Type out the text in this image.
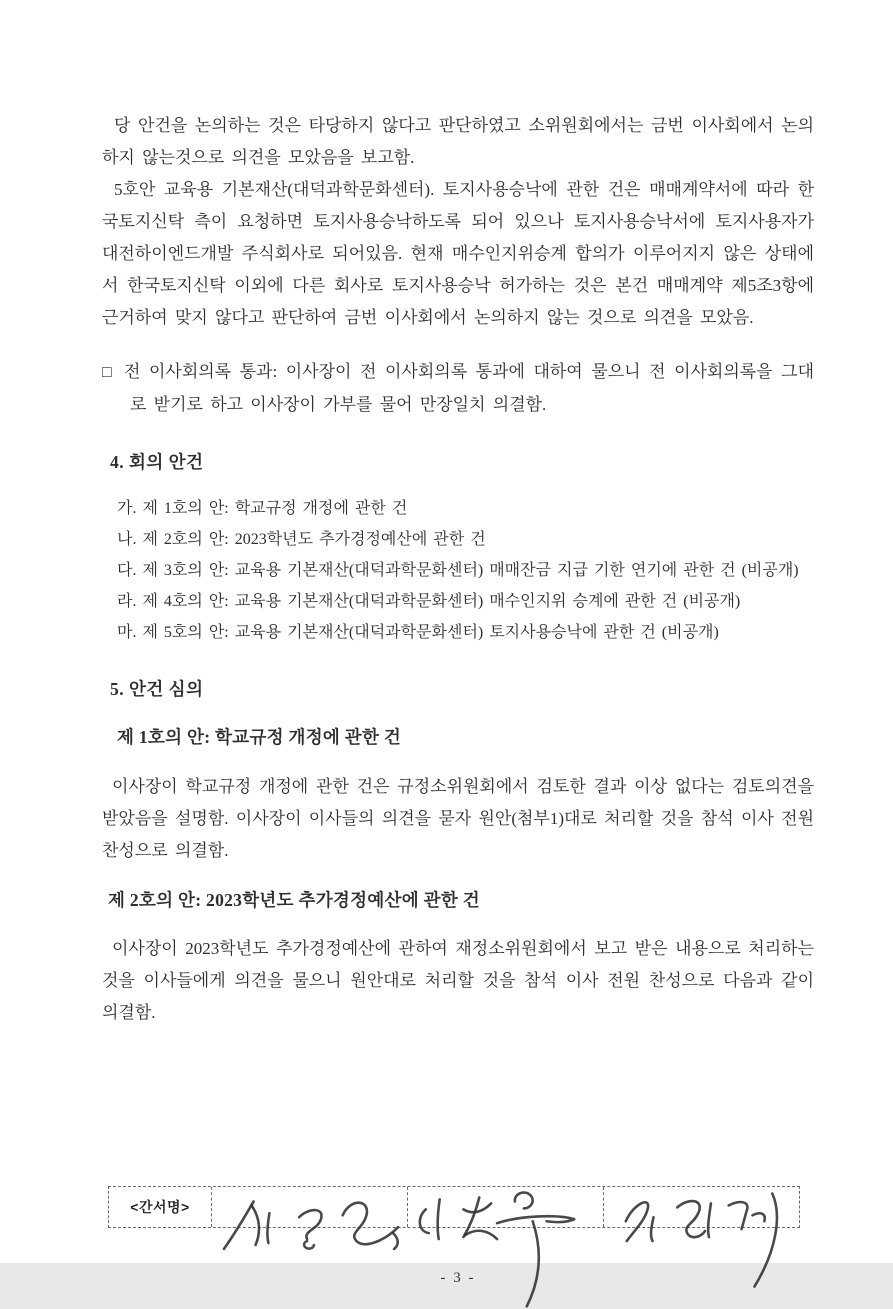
당 안건을 논의하는 것은 타당하지 않다고 판단하였고 소위원회에서는 금번 이사회에서 논의하지 않는것으로 의견을 모았음을 보고함.

5호안 교육용 기본재산(대덕과학문화센터). 토지사용승낙에 관한 건은 매매계약서에 따라 한국토지신탁 측이 요청하면 토지사용승낙하도록 되어 있으나 토지사용승낙서에 토지사용자가 대전하이엔드개발 주식회사로 되어있음. 현재 매수인지위승계 합의가 이루어지지 않은 상태에서 한국토지신탁 이외에 다른 회사로 토지사용승낙 허가하는 것은 본건 매매계약 제5조3항에 근거하여 맞지 않다고 판단하여 금번 이사회에서 논의하지 않는 것으로 의견을 모았음.

□ 전 이사회의록 통과: 이사장이 전 이사회의록 통과에 대하여 물으니 전 이사회의록을 그대로 받기로 하고 이사장이 가부를 물어 만장일치 의결함.

4. 회의 안건
가. 제 1호의 안: 학교규정 개정에 관한 건
나. 제 2호의 안: 2023학년도 추가경정예산에 관한 건
다. 제 3호의 안: 교육용 기본재산(대덕과학문화센터) 매매잔금 지급 기한 연기에 관한 건 (비공개)
라. 제 4호의 안: 교육용 기본재산(대덕과학문화센터) 매수인지위 승계에 관한 건 (비공개)
마. 제 5호의 안: 교육용 기본재산(대덕과학문화센터) 토지사용승낙에 관한 건 (비공개)
5. 안건 심의
제 1호의 안: 학교규정 개정에 관한 건

이사장이 학교규정 개정에 관한 건은 규정소위원회에서 검토한 결과 이상 없다는 검토의견을 받았음을 설명함. 이사장이 이사들의 의견을 묻자 원안(첨부1)대로 처리할 것을 참석 이사 전원 찬성으로 의결함.

제 2호의 안: 2023학년도 추가경정예산에 관한 건

이사장이 2023학년도 추가경정예산에 관하여 재정소위원회에서 보고 받은 내용으로 처리하는 것을 이사들에게 의견을 물으니 원안대로 처리할 것을 참석 이사 전원 찬성으로 다음과 같이 의결함.

<간서명>
- 3 -
